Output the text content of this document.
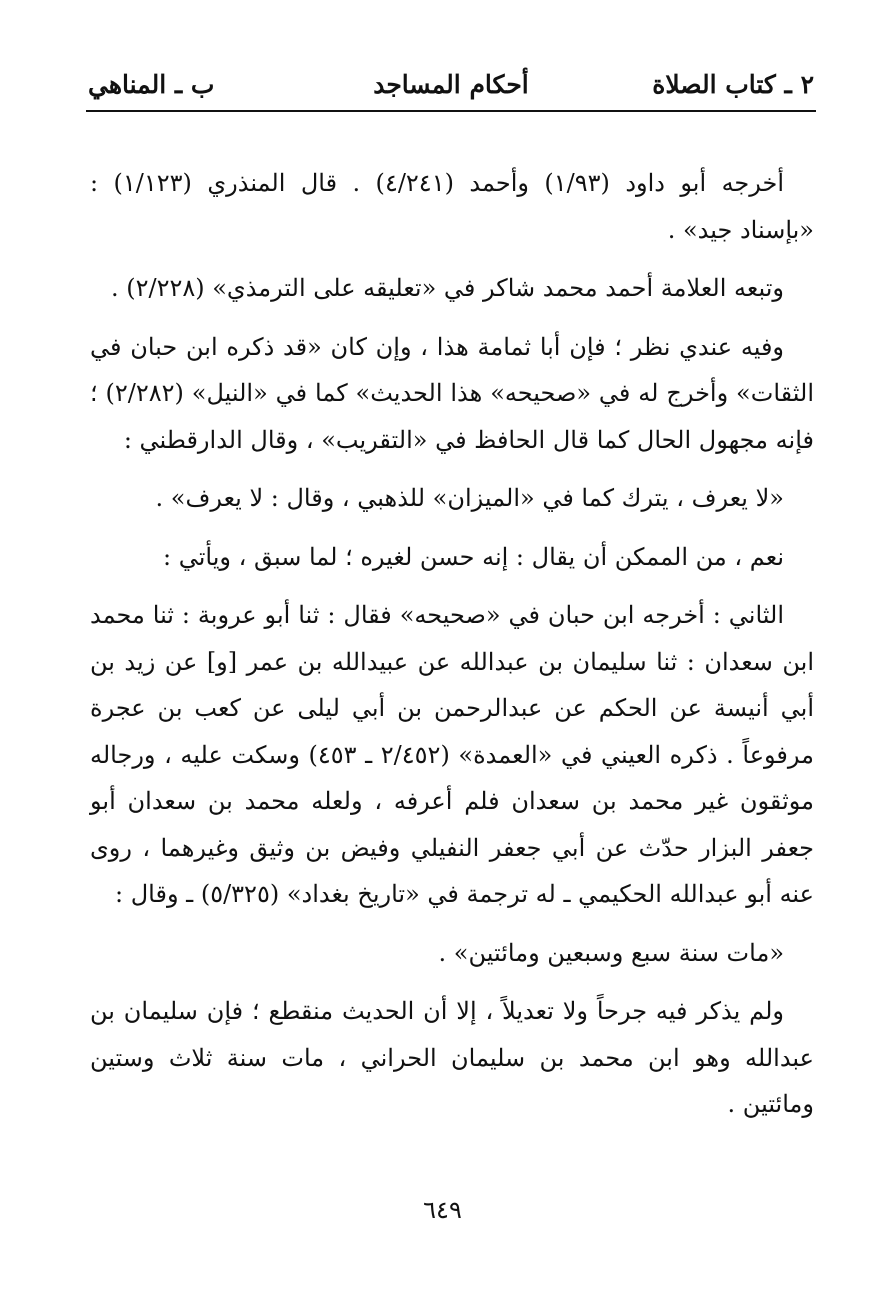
٢ ـ كتاب الصلاة
أحكام المساجد
ب ـ المناهي

أخرجه أبو داود (١/٩٣) وأحمد (٤/٢٤١) . قال المنذري (١/١٢٣) : «بإسناد جيد» .

وتبعه العلامة أحمد محمد شاكر في «تعليقه على الترمذي» (٢/٢٢٨) .

وفيه عندي نظر ؛ فإن أبا ثمامة هذا ، وإن كان «قد ذكره ابن حبان في الثقات» وأخرج له في «صحيحه» هذا الحديث» كما في «النيل» (٢/٢٨٢) ؛ فإنه مجهول الحال كما قال الحافظ في «التقريب» ، وقال الدارقطني :

«لا يعرف ، يترك كما في «الميزان» للذهبي ، وقال : لا يعرف» .

نعم ، من الممكن أن يقال : إنه حسن لغيره ؛ لما سبق ، ويأتي :

الثاني : أخرجه ابن حبان في «صحيحه» فقال : ثنا أبو عروبة : ثنا محمد ابن سعدان : ثنا سليمان بن عبدالله عن عبيدالله بن عمر [و] عن زيد بن أبي أنيسة عن الحكم عن عبدالرحمن بن أبي ليلى عن كعب بن عجرة مرفوعاً . ذكره العيني في «العمدة» (٢/٤٥٢ ـ ٤٥٣) وسكت عليه ، ورجاله موثقون غير محمد بن سعدان فلم أعرفه ، ولعله محمد بن سعدان أبو جعفر البزار حدّث عن أبي جعفر النفيلي وفيض بن وثيق وغيرهما ، روى عنه أبو عبدالله الحكيمي ـ له ترجمة في «تاريخ بغداد» (٥/٣٢٥) ـ وقال :

«مات سنة سبع وسبعين ومائتين» .

ولم يذكر فيه جرحاً ولا تعديلاً ، إلا أن الحديث منقطع ؛ فإن سليمان بن عبدالله وهو ابن محمد بن سليمان الحراني ، مات سنة ثلاث وستين ومائتين .

٦٤٩
